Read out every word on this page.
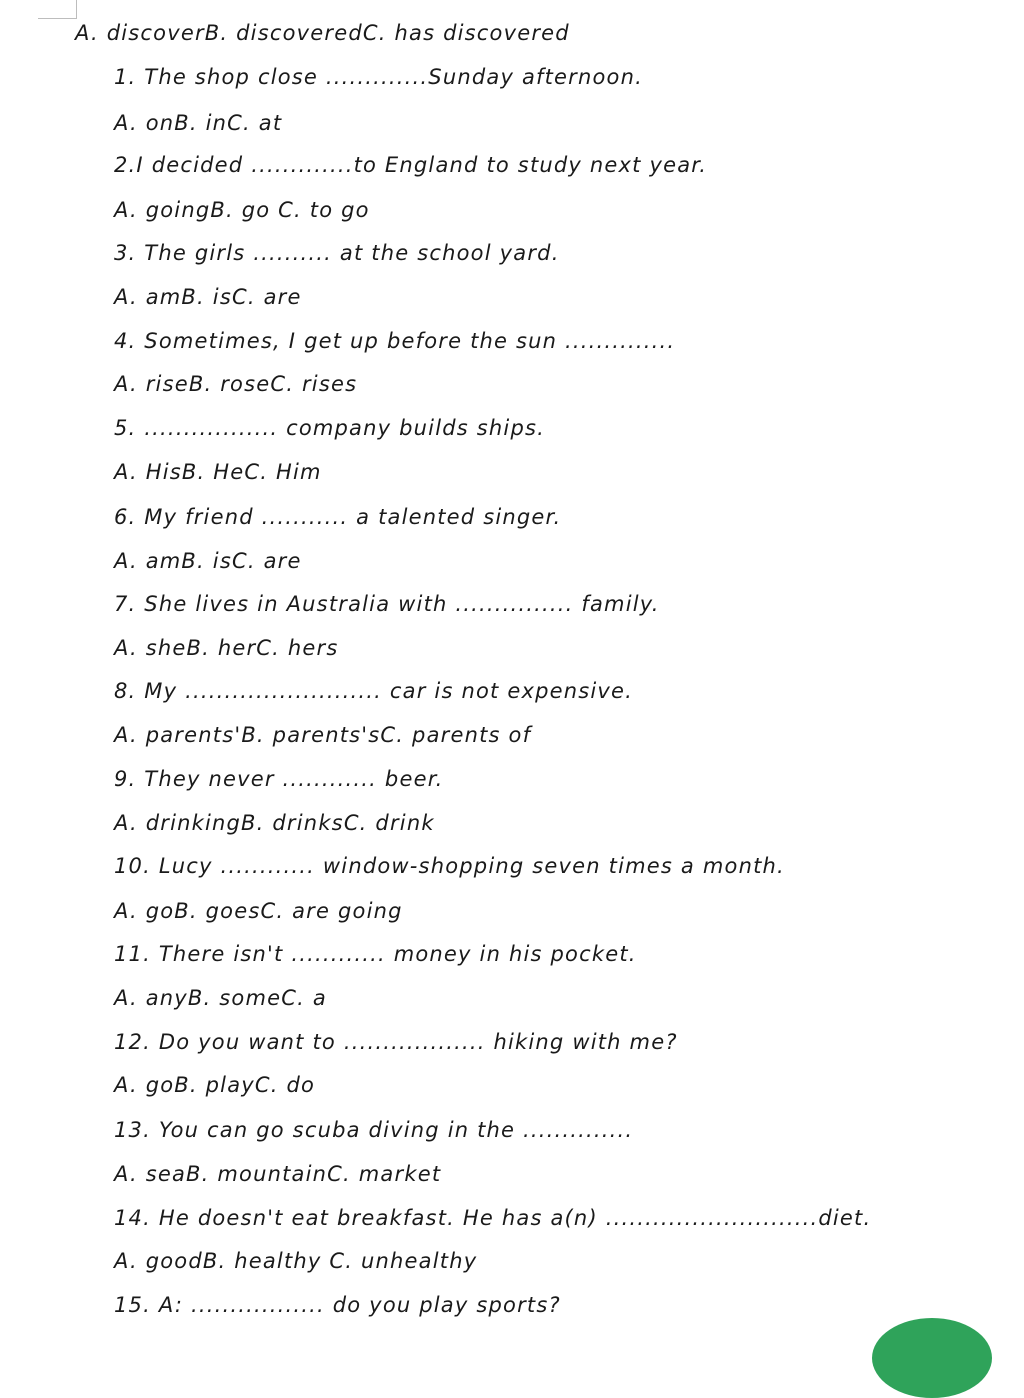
A. discoverB. discoveredC. has discovered
1. The shop close .............Sunday afternoon.
A. onB. inC. at
2.I decided .............to England to study next year.
A. goingB. go C. to go
3. The girls .......... at the school yard.
A. amB. isC. are
4. Sometimes, I get up before the sun ..............
A. riseB. roseC. rises
5. ................. company builds ships.
A. HisB. HeC. Him
6. My friend ........... a talented singer.
A. amB. isC. are
7. She lives in Australia with ............... family.
A. sheB. herC. hers
8. My ......................... car is not expensive.
A. parents'B. parents'sC. parents of
9. They never ............ beer.
A. drinkingB. drinksC. drink
10. Lucy ............ window-shopping seven times a month.
A. goB. goesC. are going
11. There isn't ............ money in his pocket.
A. anyB. someC. a
12. Do you want to .................. hiking with me?
A. goB. playC. do
13. You can go scuba diving in the ..............
A. seaB. mountainC. market
14. He doesn't eat breakfast. He has a(n) ...........................diet.
A. goodB. healthy C. unhealthy
15. A: ................. do you play sports?
